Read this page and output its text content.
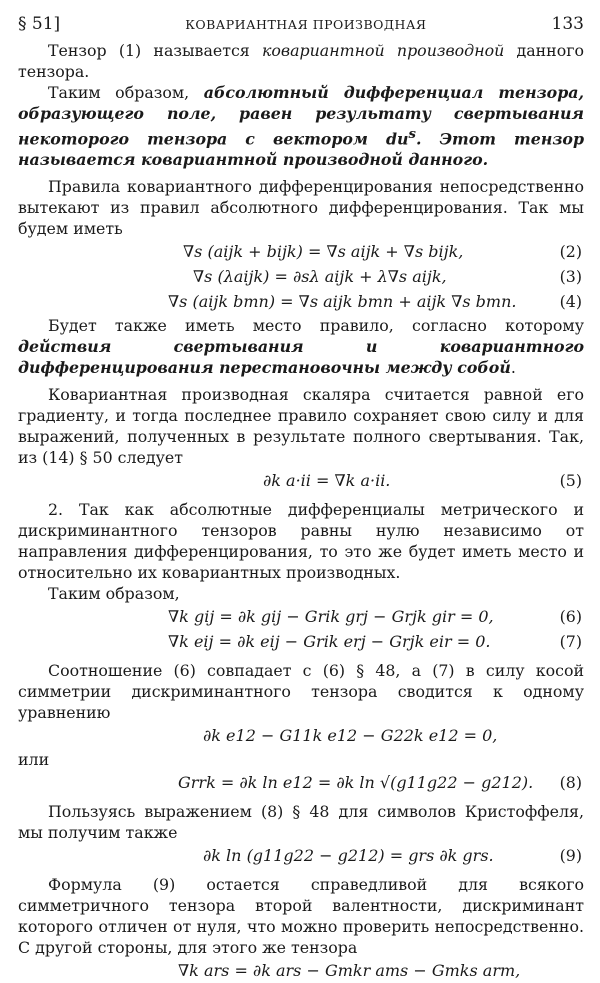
§ 51]	КОВАРИАНТНАЯ ПРОИЗВОДНАЯ	133

Тензор (1) называется ковариантной производной данного тензора.

Таким образом, абсолютный дифференциал тензора, образующего поле, равен результату свертывания некоторого тензора с вектором $du^s$. Этот тензор называется ковариантной производной данного.

Правила ковариантного дифференцирования непосредственно вытекают из правил абсолютного дифференцирования. Так мы будем иметь

∇s (aijk + bijk) = ∇s aijk + ∇s bijk,	(2)
∇s (λaijk) = ∂sλ aijk + λ∇s aijk,	(3)
∇s (aijk bmn) = ∇s aijk bmn + aijk ∇s bmn.	(4)

Будет также иметь место правило, согласно которому действия свертывания и ковариантного дифференцирования перестановочны между собой.

Ковариантная производная скаляра считается равной его градиенту, и тогда последнее правило сохраняет свою силу и для выражений, полученных в результате полного свертывания. Так, из (14) § 50 следует

∂k a·ii = ∇k a·ii.	(5)

2. Так как абсолютные дифференциалы метрического и дискриминантного тензоров равны нулю независимо от направления дифференцирования, то это же будет иметь место и относительно их ковариантных производных.

Таким образом,

∇k gij = ∂k gij − Grik grj − Grjk gir = 0,	(6)
∇k eij = ∂k eij − Grik erj − Grjk eir = 0.	(7)

Соотношение (6) совпадает с (6) § 48, а (7) в силу косой симметрии дискриминантного тензора сводится к одному уравнению

∂k e12 − G11k e12 − G22k e12 = 0,

или

Grrk = ∂k ln e12 = ∂k ln √(g11g22 − g212). (8)

Пользуясь выражением (8) § 48 для символов Кристоффеля, мы получим также

∂k ln (g11g22 − g212) = grs ∂k grs.	(9)

Формула (9) остается справедливой для всякого симметричного тензора второй валентности, дискриминант которого отличен от нуля, что можно проверить непосредственно. С другой стороны, для этого же тензора

∇k ars = ∂k ars − Gmkr ams − Gmks arm,
